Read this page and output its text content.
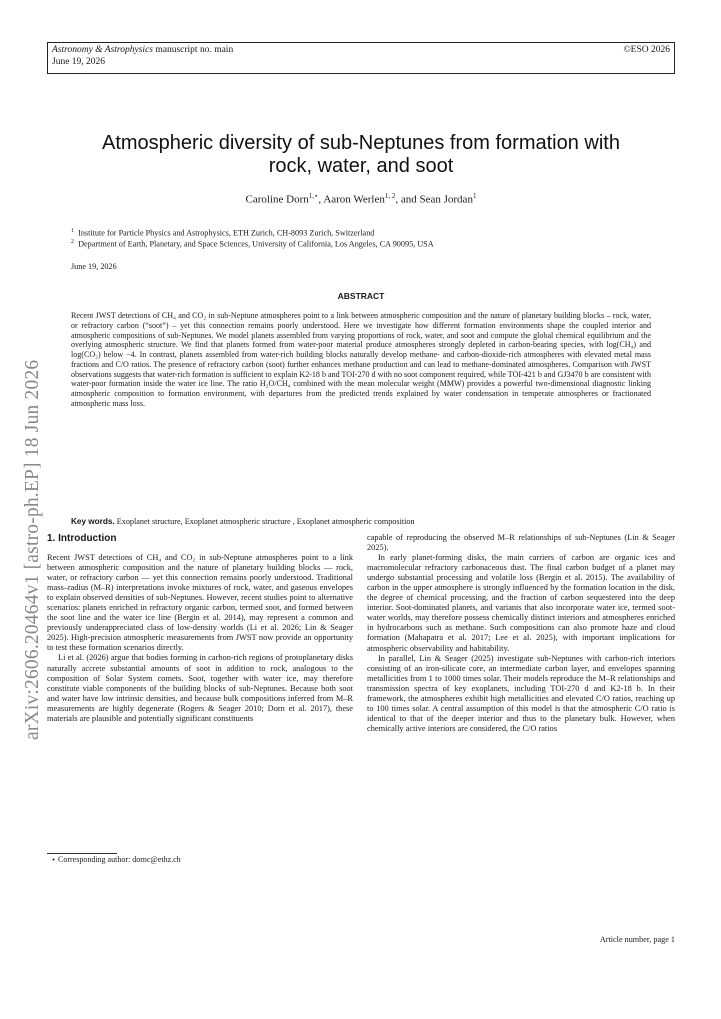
Astronomy & Astrophysics manuscript no. main
June 19, 2026
©ESO 2026
Atmospheric diversity of sub-Neptunes from formation with
rock, water, and soot
Caroline Dorn$^{1,⋆}$, Aaron Werlen$^{1, 2}$, and Sean Jordan$^1$
$^1$ Institute for Particle Physics and Astrophysics, ETH Zurich, CH-8093 Zurich, Switzerland
$^2$ Department of Earth, Planetary, and Space Sciences, University of California, Los Angeles, CA 90095, USA
June 19, 2026
ABSTRACT
Recent JWST detections of CH₄ and CO₂ in sub-Neptune atmospheres point to a link between atmospheric composition and the nature of planetary building blocks – rock, water, or refractory carbon (“soot”) – yet this connection remains poorly understood. Here we investigate how different formation environments shape the coupled interior and atmospheric compositions of sub-Neptunes. We model planets assembled from varying proportions of rock, water, and soot and compute the global chemical equilibrium and the overlying atmospheric structure. We find that planets formed from water-poor material produce atmospheres strongly depleted in carbon-bearing species, with log(CH₄) and log(CO₂) below −4. In contrast, planets assembled from water-rich building blocks naturally develop methane- and carbon-dioxide-rich atmospheres with elevated metal mass fractions and C/O ratios. The presence of refractory carbon (soot) further enhances methane production and can lead to methane-dominated atmospheres. Comparison with JWST observations suggests that water-rich formation is sufficient to explain K2-18 b and TOI-270 d with no soot component required, while TOI-421 b and GJ3470 b are consistent with water-poor formation inside the water ice line. The ratio H₂O/CH₄ combined with the mean molecular weight (MMW) provides a powerful two-dimensional diagnostic linking atmospheric composition to formation environment, with departures from the predicted trends explained by water condensation in temperate atmospheres or fractionated atmospheric mass loss.
Key words. Exoplanet structure, Exoplanet atmospheric structure , Exoplanet atmospheric composition
1. Introduction

Recent JWST detections of CH₄ and CO₂ in sub-Neptune atmospheres point to a link between atmospheric composition and the nature of planetary building blocks — rock, water, or refractory carbon — yet this connection remains poorly understood. Traditional mass–radius (M–R) interpretations invoke mixtures of rock, water, and gaseous envelopes to explain observed densities of sub-Neptunes. However, recent studies point to alternative scenarios: planets enriched in refractory organic carbon, termed soot, and formed between the soot line and the water ice line (Bergin et al. 2014), may represent a common and previously underappreciated class of low-density worlds (Li et al. 2026; Lin & Seager 2025). High-precision atmospheric measurements from JWST now provide an opportunity to test these formation scenarios directly.

Li et al. (2026) argue that bodies forming in carbon-rich regions of protoplanetary disks naturally accrete substantial amounts of soot in addition to rock, analogous to the composition of Solar System comets. Soot, together with water ice, may therefore constitute viable components of the building blocks of sub-Neptunes. Because both soot and water have low intrinsic densities, and because bulk compositions inferred from M–R measurements are highly degenerate (Rogers & Seager 2010; Dorn et al. 2017), these materials are plausible and potentially significant constituents

capable of reproducing the observed M–R relationships of sub-Neptunes (Lin & Seager 2025).

In early planet-forming disks, the main carriers of carbon are organic ices and macromolecular refractory carbonaceous dust. The final carbon budget of a planet may undergo substantial processing and volatile loss (Bergin et al. 2015). The availability of carbon in the upper atmosphere is strongly influenced by the formation location in the disk, the degree of chemical processing, and the fraction of carbon sequestered into the deep interior. Soot-dominated planets, and variants that also incorporate water ice, termed soot-water worlds, may therefore possess chemically distinct interiors and atmospheres enriched in hydrocarbons such as methane. Such compositions can also promote haze and cloud formation (Mahapatra et al. 2017; Lee et al. 2025), with important implications for atmospheric observability and habitability.

In parallel, Lin & Seager (2025) investigate sub-Neptunes with carbon-rich interiors consisting of an iron-silicate core, an intermediate carbon layer, and envelopes spanning metallicities from 1 to 1000 times solar. Their models reproduce the M–R relationships and transmission spectra of key exoplanets, including TOI-270 d and K2-18 b. In their framework, the atmospheres exhibit high metallicities and elevated C/O ratios, reaching up to 100 times solar. A central assumption of this model is that the atmospheric C/O ratio is identical to that of the deeper interior and thus to the planetary bulk. However, when chemically active interiors are considered, the C/O ratios

⋆ Corresponding author: dornc@ethz.ch
Article number, page 1
arXiv:2606.20464v1 [astro-ph.EP] 18 Jun 2026
